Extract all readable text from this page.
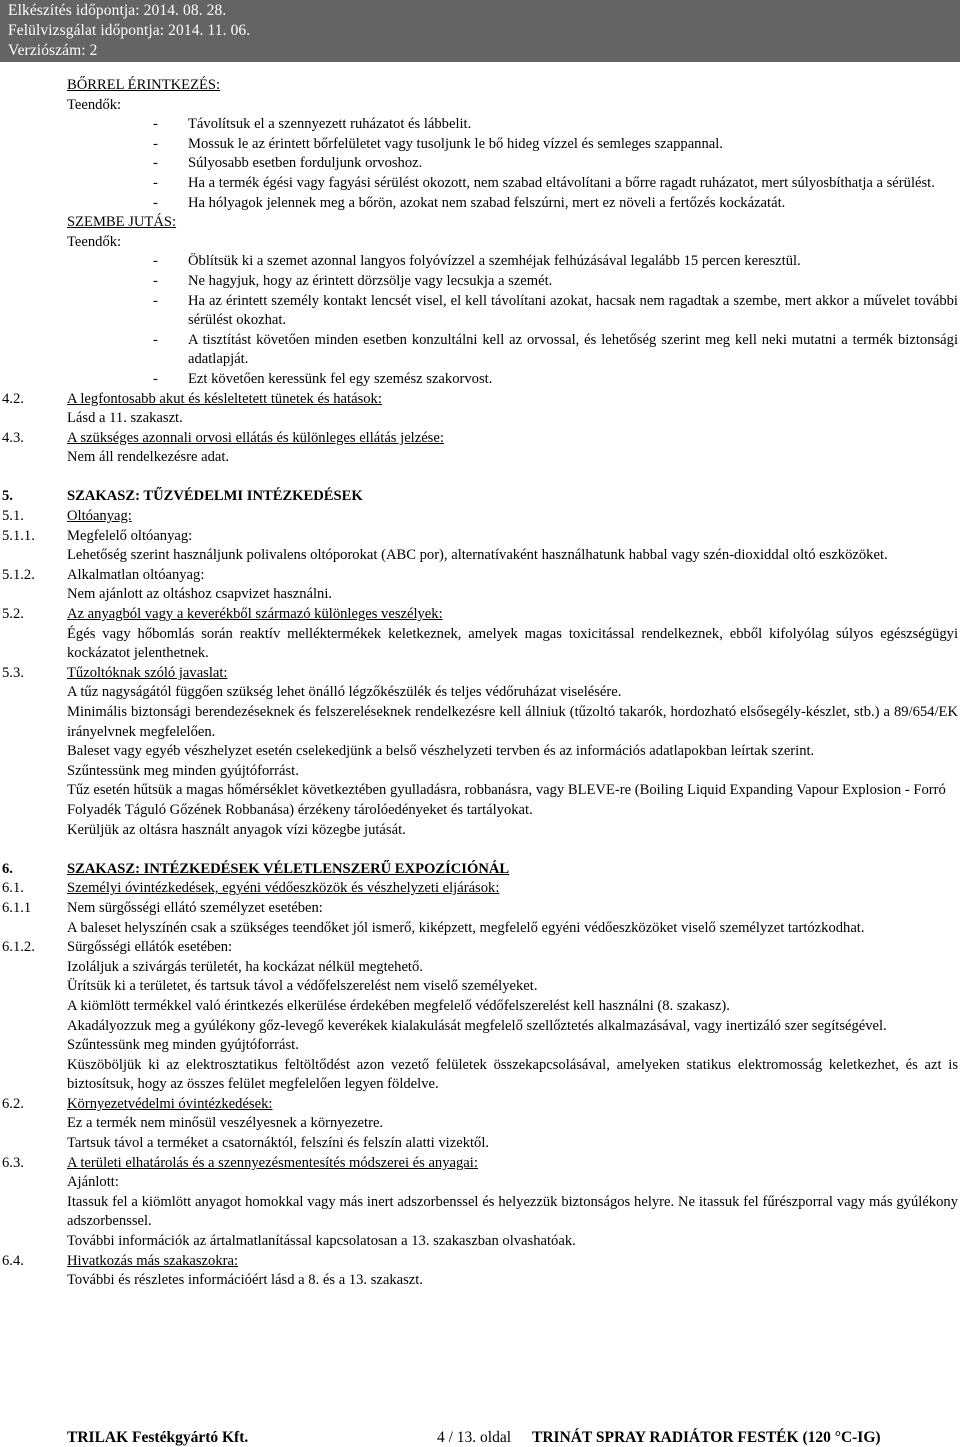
Elkészítés időpontja: 2014. 08. 28.
Felülvizsgálat időpontja: 2014. 11. 06.
Verziószám: 2
BŐRREL ÉRINTKEZÉS:
Teendők:
-	Távolítsuk el a szennyezett ruházatot és lábbelit.
-	Mossuk le az érintett bőrfelületet vagy tusoljunk le bő hideg vízzel és semleges szappannal.
-	Súlyosabb esetben forduljunk orvoshoz.
-	Ha a termék égési vagy fagyási sérülést okozott, nem szabad eltávolítani a bőrre ragadt ruházatot, mert súlyosbíthatja a sérülést.
-	Ha hólyagok jelennek meg a bőrön, azokat nem szabad felszúrni, mert ez növeli a fertőzés kockázatát.
SZEMBE JUTÁS:
Teendők:
-	Öblítsük ki a szemet azonnal langyos folyóvízzel a szemhéjak felhúzásával legalább 15 percen keresztül.
-	Ne hagyjuk, hogy az érintett dörzsölje vagy lecsukja a szemét.
-	Ha az érintett személy kontakt lencsét visel, el kell távolítani azokat, hacsak nem ragadtak a szembe, mert akkor a művelet további sérülést okozhat.
-	A tisztítást követően minden esetben konzultálni kell az orvossal, és lehetőség szerint meg kell neki mutatni a termék biztonsági adatlapját.
-	Ezt követően keressünk fel egy szemész szakorvost.
4.2.	A legfontosabb akut és késleltetett tünetek és hatások:
Lásd a 11. szakaszt.
4.3.	A szükséges azonnali orvosi ellátás és különleges ellátás jelzése:
Nem áll rendelkezésre adat.
5.	SZAKASZ: TŰZVÉDELMI INTÉZKEDÉSEK
5.1.	Oltóanyag:
5.1.1.	Megfelelő oltóanyag:
Lehetőség szerint használjunk polivalens oltóporokat (ABC por), alternatívaként használhatunk habbal vagy szén-dioxiddal oltó eszközöket.
5.1.2.	Alkalmatlan oltóanyag:
Nem ajánlott az oltáshoz csapvizet használni.
5.2.	Az anyagból vagy a keverékből származó különleges veszélyek:
Égés vagy hőbomlás során reaktív melléktermékek keletkeznek, amelyek magas toxicitással rendelkeznek, ebből kifolyólag súlyos egészségügyi kockázatot jelenthetnek.
5.3.	Tűzoltóknak szóló javaslat:
A tűz nagyságától függően szükség lehet önálló légzőkészülék és teljes védőruházat viselésére.
Minimális biztonsági berendezéseknek és felszereléseknek rendelkezésre kell állniuk (tűzoltó takarók, hordozható elsősegély-készlet, stb.) a 89/654/EK irányelvnek megfelelően.
Baleset vagy egyéb vészhelyzet esetén cselekedjünk a belső vészhelyzeti tervben és az információs adatlapokban leírtak szerint.
Szűntessünk meg minden gyújtóforrást.
Tűz esetén hűtsük a magas hőmérséklet következtében gyulladásra, robbanásra, vagy BLEVE-re (Boiling Liquid Expanding Vapour Explosion - Forró Folyadék Táguló Gőzének Robbanása) érzékeny tárolóedényeket és tartályokat.
Kerüljük az oltásra használt anyagok vízi közegbe jutását.
6.	SZAKASZ: INTÉZKEDÉSEK VÉLETLENSZERŰ EXPOZÍCIÓNÁL
6.1.	Személyi óvintézkedések, egyéni védőeszközök és vészhelyzeti eljárások:
6.1.1	Nem sürgősségi ellátó személyzet esetében:
A baleset helyszínén csak a szükséges teendőket jól ismerő, kiképzett, megfelelő egyéni védőeszközöket viselő személyzet tartózkodhat.
6.1.2.	Sürgősségi ellátók esetében:
Izoláljuk a szivárgás területét, ha kockázat nélkül megtehető.
Ürítsük ki a területet, és tartsuk távol a védőfelszerelést nem viselő személyeket.
A kiömlött termékkel való érintkezés elkerülése érdekében megfelelő védőfelszerelést kell használni (8. szakasz).
Akadályozzuk meg a gyúlékony gőz-levegő keverékek kialakulását megfelelő szellőztetés alkalmazásával, vagy inertizáló szer segítségével.
Szűntessünk meg minden gyújtóforrást.
Küszöböljük ki az elektrosztatikus feltöltődést azon vezető felületek összekapcsolásával, amelyeken statikus elektromosság keletkezhet, és azt is biztosítsuk, hogy az összes felület megfelelően legyen földelve.
6.2.	Környezetvédelmi óvintézkedések:
Ez a termék nem minősül veszélyesnek a környezetre.
Tartsuk távol a terméket a csatornáktól, felszíni és felszín alatti vizektől.
6.3.	A területi elhatárolás és a szennyezésmentesítés módszerei és anyagai:
Ajánlott:
Itassuk fel a kiömlött anyagot homokkal vagy más inert adszorbenssel és helyezzük biztonságos helyre. Ne itassuk fel fűrészporral vagy más gyúlékony adszorbenssel.
További információk az ártalmatlanítással kapcsolatosan a 13. szakaszban olvashatóak.
6.4.	Hivatkozás más szakaszokra:
További és részletes információért lásd a 8. és a 13. szakaszt.
TRILAK Festékgyártó Kft.	4 / 13. oldal TRINÁT SPRAY RADIÁTOR FESTÉK (120 °C-IG)
